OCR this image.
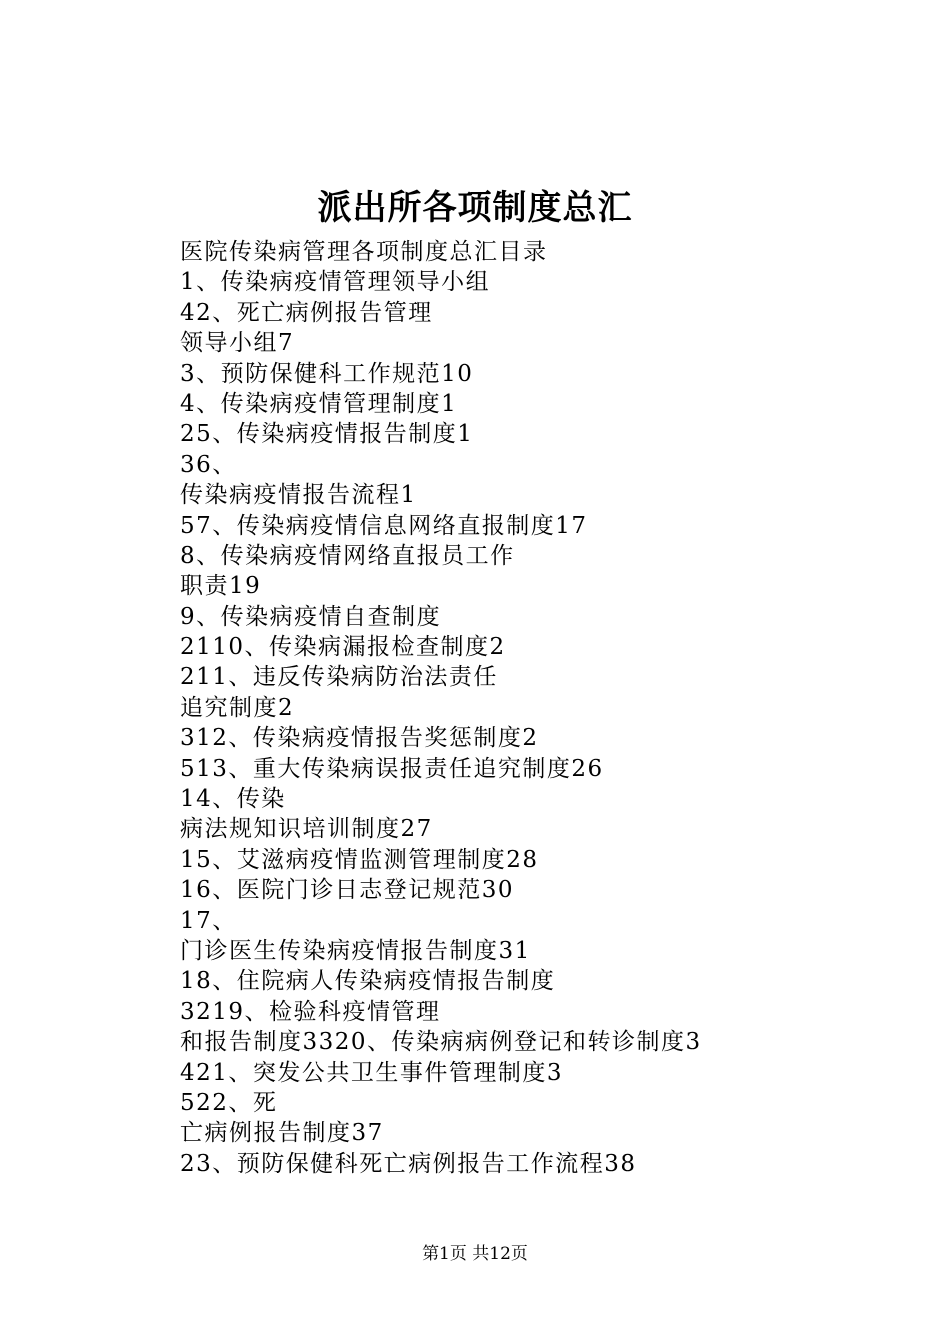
派出所各项制度总汇
医院传染病管理各项制度总汇目录
1、传染病疫情管理领导小组
42、死亡病例报告管理
领导小组7
3、预防保健科工作规范10
4、传染病疫情管理制度1
25、传染病疫情报告制度1
36、
传染病疫情报告流程1
57、传染病疫情信息网络直报制度17
8、传染病疫情网络直报员工作
职责19
9、传染病疫情自查制度
2110、传染病漏报检查制度2
211、违反传染病防治法责任
追究制度2
312、传染病疫情报告奖惩制度2
513、重大传染病误报责任追究制度26
14、传染
病法规知识培训制度27
15、艾滋病疫情监测管理制度28
16、医院门诊日志登记规范30
17、
门诊医生传染病疫情报告制度31
18、住院病人传染病疫情报告制度
3219、检验科疫情管理
和报告制度3320、传染病病例登记和转诊制度3
421、突发公共卫生事件管理制度3
522、死
亡病例报告制度37
23、预防保健科死亡病例报告工作流程38
第1页 共12页
